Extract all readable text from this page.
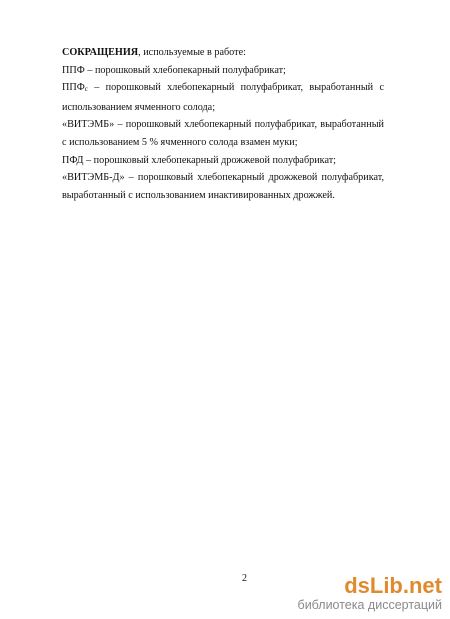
СОКРАЩЕНИЯ, используемые в работе:

ППФ – порошковый хлебопекарный полуфабрикат;

ППФс – порошковый хлебопекарный полуфабрикат, выработанный с использованием ячменного солода;

«ВИТЭМБ» – порошковый хлебопекарный полуфабрикат, выработанный с использованием 5 % ячменного солода взамен муки;

ПФД – порошковый хлебопекарный дрожжевой полуфабрикат;

«ВИТЭМБ-Д» – порошковый хлебопекарный дрожжевой полуфабрикат, выработанный с использованием инактивированных дрожжей.

2	dsLib.net
библиотека диссертаций
